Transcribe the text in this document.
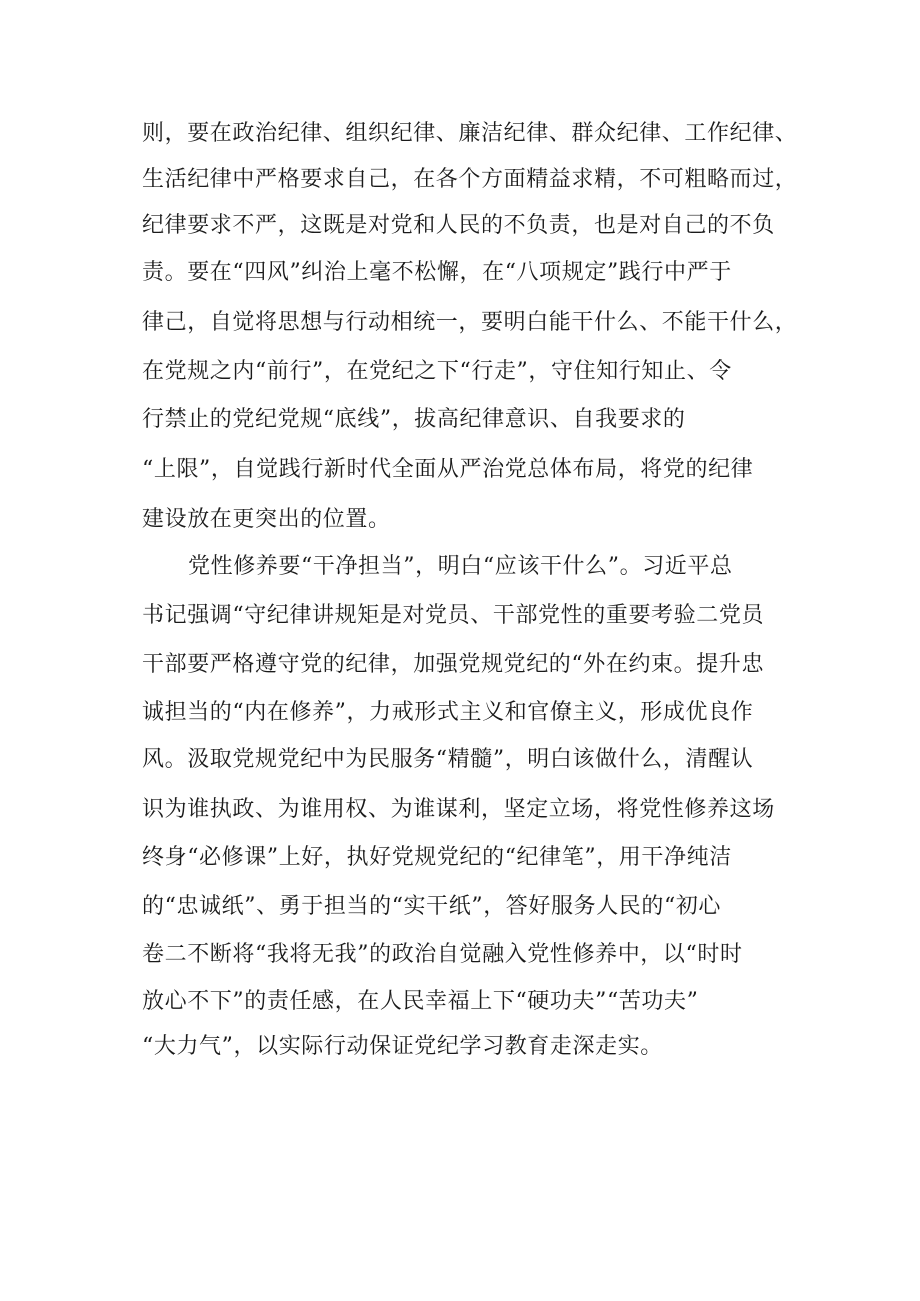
则，要在政治纪律、组织纪律、廉洁纪律、群众纪律、工作纪律、
生活纪律中严格要求自己，在各个方面精益求精，不可粗略而过，
纪律要求不严，这既是对党和人民的不负责，也是对自己的不负
责。要在“四风”纠治上毫不松懈，在“八项规定”践行中严于
律己，自觉将思想与行动相统一，要明白能干什么、不能干什么，
在党规之内“前行”，在党纪之下“行走”，守住知行知止、令
行禁止的党纪党规“底线”，拔高纪律意识、自我要求的
“上限”，自觉践行新时代全面从严治党总体布局，将党的纪律
建设放在更突出的位置。
党性修养要“干净担当”，明白“应该干什么”。习近平总
书记强调“守纪律讲规矩是对党员、干部党性的重要考验二党员
干部要严格遵守党的纪律，加强党规党纪的“外在约束。提升忠
诚担当的“内在修养”，力戒形式主义和官僚主义，形成优良作
风。汲取党规党纪中为民服务“精髓”，明白该做什么，清醒认
识为谁执政、为谁用权、为谁谋利，坚定立场，将党性修养这场
终身“必修课”上好，执好党规党纪的“纪律笔”，用干净纯洁
的“忠诚纸”、勇于担当的“实干纸”，答好服务人民的“初心
卷二不断将“我将无我”的政治自觉融入党性修养中，以“时时
放心不下”的责任感，在人民幸福上下“硬功夫”“苦功夫”
“大力气”，以实际行动保证党纪学习教育走深走实。
